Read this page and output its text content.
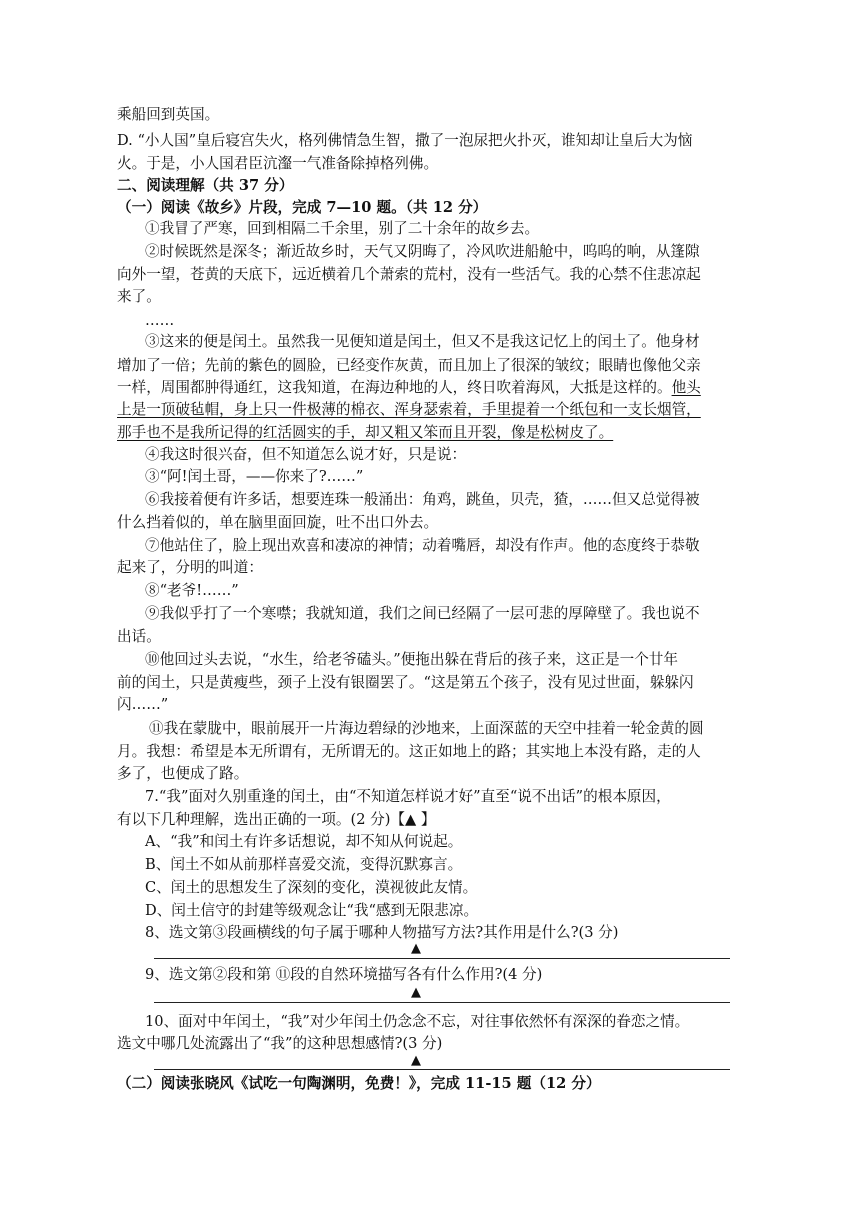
乘船回到英国。
D. “小人国”皇后寝宫失火，格列佛情急生智，撒了一泡尿把火扑灭，谁知却让皇后大为恼
火。于是，小人国君臣沆瀣一气准备除掉格列佛。
二、阅读理解（共 37 分）
（一）阅读《故乡》片段，完成 7—10 题。（共 12 分）
①我冒了严寒，回到相隔二千余里，别了二十余年的故乡去。
②时候既然是深冬；渐近故乡时，天气又阴晦了，冷风吹进船舱中，呜呜的响，从篷隙
向外一望，苍黄的天底下，远近横着几个萧索的荒村，没有一些活气。我的心禁不住悲凉起
来了。
……
③这来的便是闰土。虽然我一见便知道是闰土，但又不是我这记忆上的闰土了。他身材
增加了一倍；先前的紫色的圆脸，已经变作灰黄，而且加上了很深的皱纹；眼睛也像他父亲
一样，周围都肿得通红，这我知道，在海边种地的人，终日吹着海风，大抵是这样的。他头
上是一顶破毡帽，身上只一件极薄的棉衣、浑身瑟索着，手里提着一个纸包和一支长烟管，
那手也不是我所记得的红活圆实的手，却又粗又笨而且开裂，像是松树皮了。
④我这时很兴奋，但不知道怎么说才好，只是说：
③“阿!闰土哥，——你来了?……”
⑥我接着便有许多话，想要连珠一般涌出：角鸡，跳鱼，贝壳，猹，……但又总觉得被
什么挡着似的，单在脑里面回旋，吐不出口外去。
⑦他站住了，脸上现出欢喜和凄凉的神情；动着嘴唇，却没有作声。他的态度终于恭敬
起来了，分明的叫道：
⑧“老爷!……”
⑨我似乎打了一个寒噤；我就知道，我们之间已经隔了一层可悲的厚障壁了。我也说不
出话。
⑩他回过头去说，“水生，给老爷磕头。”便拖出躲在背后的孩子来，这正是一个廿年
前的闰土，只是黄瘦些，颈子上没有银圈罢了。“这是第五个孩子，没有见过世面，躲躲闪
闪……”
⑪我在蒙胧中，眼前展开一片海边碧绿的沙地来，上面深蓝的天空中挂着一轮金黄的圆
月。我想：希望是本无所谓有，无所谓无的。这正如地上的路；其实地上本没有路，走的人
多了，也便成了路。
7.“我”面对久别重逢的闰土，由“不知道怎样说才好”直至“说不出话”的根本原因，
有以下几种理解，选出正确的一项。(2 分)【▲ 】
A、“我”和闰土有许多话想说，却不知从何说起。
B、闰土不如从前那样喜爱交流，变得沉默寡言。
C、闰土的思想发生了深刻的变化，漠视彼此友情。
D、闰土信守的封建等级观念让“我“感到无限悲凉。
8、选文第③段画横线的句子属于哪种人物描写方法?其作用是什么?(3 分)
▲
9、选文第②段和第 ⑪段的自然环境描写各有什么作用?(4 分)
▲
10、面对中年闰土，“我”对少年闰土仍念念不忘，对往事依然怀有深深的眷恋之情。
选文中哪几处流露出了“我”的这种思想感情?(3 分)
▲
（二）阅读张晓风《试吃一句陶渊明，免费！》，完成 11-15 题（12 分）
